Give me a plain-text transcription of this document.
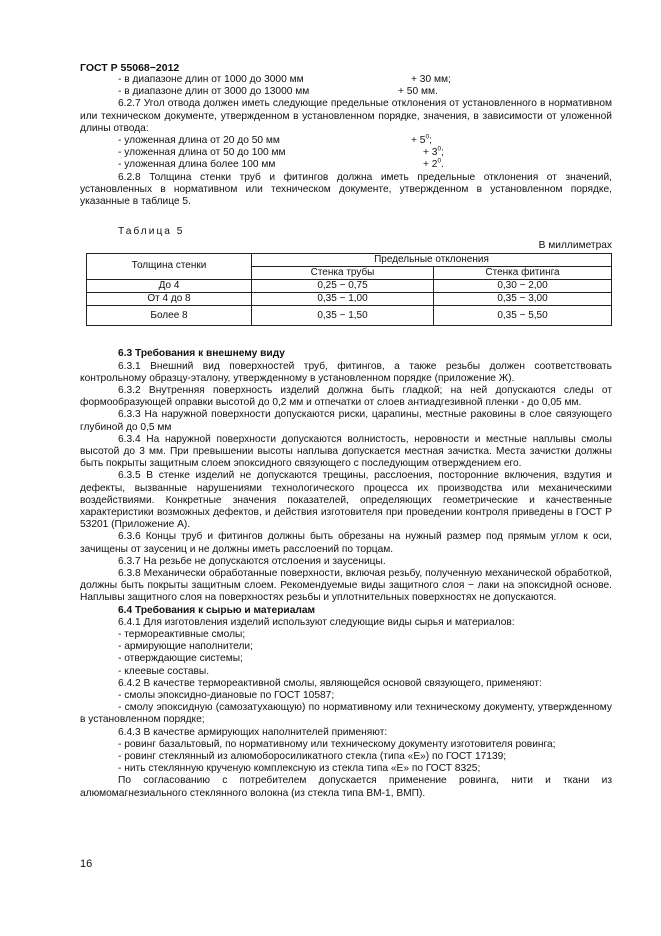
ГОСТ Р 55068−2012
- в диапазоне длин от 1000 до 3000 мм	+ 30 мм;
- в диапазоне длин от 3000 до 13000 мм	+ 50 мм.

6.2.7 Угол отвода должен иметь следующие предельные отклонения от установленного в нормативном или техническом документе, утвержденном в установленном порядке, значения, в зависимости от уложенной длины отвода:

- уложенная длина от 20 до 50 мм	+ $5^0$;
- уложенная длина от 50 до 100 мм	+ $3^0$;
- уложенная длина более 100 мм	+ $2^0$.

6.2.8 Толщина стенки труб и фитингов должна иметь предельные отклонения от значений, установленных в нормативном или техническом документе, утвержденном в установленном порядке, указанные в таблице 5.

Таблица 5
В миллиметрах
Толщина стенки	Предельные отклонения	
	Стенка трубы	Стенка фитинга
До 4	0,25 − 0,75	0,30 − 2,00
От 4 до 8	0,35 − 1,00	0,35 − 3,00
Более 8	0,35 − 1,50	0,35 − 5,50
6.3 Требования к внешнему виду

6.3.1 Внешний вид поверхностей труб, фитингов, а также резьбы должен соответствовать контрольному образцу-эталону, утвержденному в установленном порядке (приложение Ж).

6.3.2 Внутренняя поверхность изделий должна быть гладкой; на ней допускаются следы от формообразующей оправки высотой до 0,2 мм и отпечатки от слоев антиадгезивной пленки - до 0,05 мм.

6.3.3 На наружной поверхности допускаются риски, царапины, местные раковины в слое связующего глубиной до 0,5 мм

6.3.4 На наружной поверхности допускаются волнистость, неровности и местные наплывы смолы высотой до 3 мм. При превышении высоты наплыва допускается местная зачистка. Места зачистки должны быть покрыты защитным слоем эпоксидного связующего с последующим отверждением его.

6.3.5 В стенке изделий не допускаются трещины, расслоения, посторонние включения, вздутия и дефекты, вызванные нарушениями технологического процесса их производства или механическими воздействиями. Конкретные значения показателей, определяющих геометрические и качественные характеристики возможных дефектов, и действия изготовителя при проведении контроля приведены в ГОСТ Р 53201 (Приложение А).

6.3.6 Концы труб и фитингов должны быть обрезаны на нужный размер под прямым углом к оси, зачищены от заусениц и не должны иметь расслоений по торцам.

6.3.7 На резьбе не допускаются отслоения и заусеницы.

6.3.8 Механически обработанные поверхности, включая резьбу, полученную механической обработкой, должны быть покрыты защитным слоем. Рекомендуемые виды защитного слоя − лаки на эпоксидной основе. Наплывы защитного слоя на поверхностях резьбы и уплотнительных поверхностях не допускаются.

6.4 Требования к сырью и материалам

6.4.1 Для изготовления изделий используют следующие виды сырья и материалов:

- термореактивные смолы;
- армирующие наполнители;
- отверждающие системы;
- клеевые составы.

6.4.2 В качестве термореактивной смолы, являющейся основой связующего, применяют:

- смолы эпоксидно-диановые по ГОСТ 10587;

- смолу эпоксидную (самозатухающую) по нормативному или техническому документу, утвержденному в установленном порядке;

6.4.3 В качестве армирующих наполнителей применяют:

- ровинг базальтовый, по нормативному или техническому документу изготовителя ровинга;
- ровинг стеклянный из алюмоборосиликатного стекла (типа «Е») по ГОСТ 17139;
- нить стеклянную крученую комплексную из стекла типа «Е» по ГОСТ 8325;

По согласованию с потребителем допускается применение ровинга, нити и ткани из алюмомагнезиального стеклянного волокна (из стекла типа ВМ-1, ВМП).

16
